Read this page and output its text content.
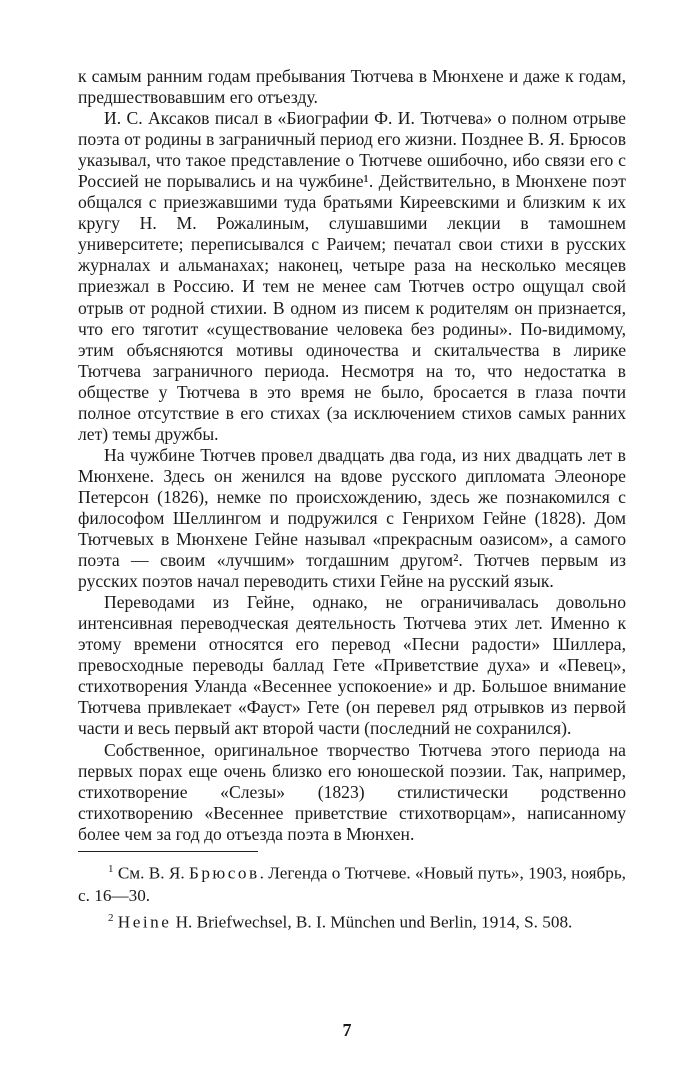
к самым ранним годам пребывания Тютчева в Мюнхене и даже к годам, предшествовавшим его отъезду.

И. С. Аксаков писал в «Биографии Ф. И. Тютчева» о полном отрыве поэта от родины в заграничный период его жизни. Позднее В. Я. Брюсов указывал, что такое представление о Тютчеве ошибочно, ибо связи его с Россией не порывались и на чужбине¹. Действительно, в Мюнхене поэт общался с приезжавшими туда братьями Киреевскими и близким к их кругу Н. М. Рожалиным, слушавшими лекции в тамошнем университете; переписывался с Раичем; печатал свои стихи в русских журналах и альманахах; наконец, четыре раза на несколько месяцев приезжал в Россию. И тем не менее сам Тютчев остро ощущал свой отрыв от родной стихии. В одном из писем к родителям он признается, что его тяготит «существование человека без родины». По-видимому, этим объясняются мотивы одиночества и скитальчества в лирике Тютчева заграничного периода. Несмотря на то, что недостатка в обществе у Тютчева в это время не было, бросается в глаза почти полное отсутствие в его стихах (за исключением стихов самых ранних лет) темы дружбы.

На чужбине Тютчев провел двадцать два года, из них двадцать лет в Мюнхене. Здесь он женился на вдове русского дипломата Элеоноре Петерсон (1826), немке по происхождению, здесь же познакомился с философом Шеллингом и подружился с Генрихом Гейне (1828). Дом Тютчевых в Мюнхене Гейне называл «прекрасным оазисом», а самого поэта — своим «лучшим» тогдашним другом². Тютчев первым из русских поэтов начал переводить стихи Гейне на русский язык.

Переводами из Гейне, однако, не ограничивалась довольно интенсивная переводческая деятельность Тютчева этих лет. Именно к этому времени относятся его перевод «Песни радости» Шиллера, превосходные переводы баллад Гете «Приветствие духа» и «Певец», стихотворения Уланда «Весеннее успокоение» и др. Большое внимание Тютчева привлекает «Фауст» Гете (он перевел ряд отрывков из первой части и весь первый акт второй части (последний не сохранился).

Собственное, оригинальное творчество Тютчева этого периода на первых порах еще очень близко его юношеской поэзии. Так, например, стихотворение «Слезы» (1823) стилистически родственно стихотворению «Весеннее приветствие стихотворцам», написанному более чем за год до отъезда поэта в Мюнхен.

$^1$ См. В. Я. Брюсов. Легенда о Тютчеве. «Новый путь», 1903, ноябрь, с. 16—30.

$^2$ Heine H. Briefwechsel, B. I. München und Berlin, 1914, S. 508.

7
